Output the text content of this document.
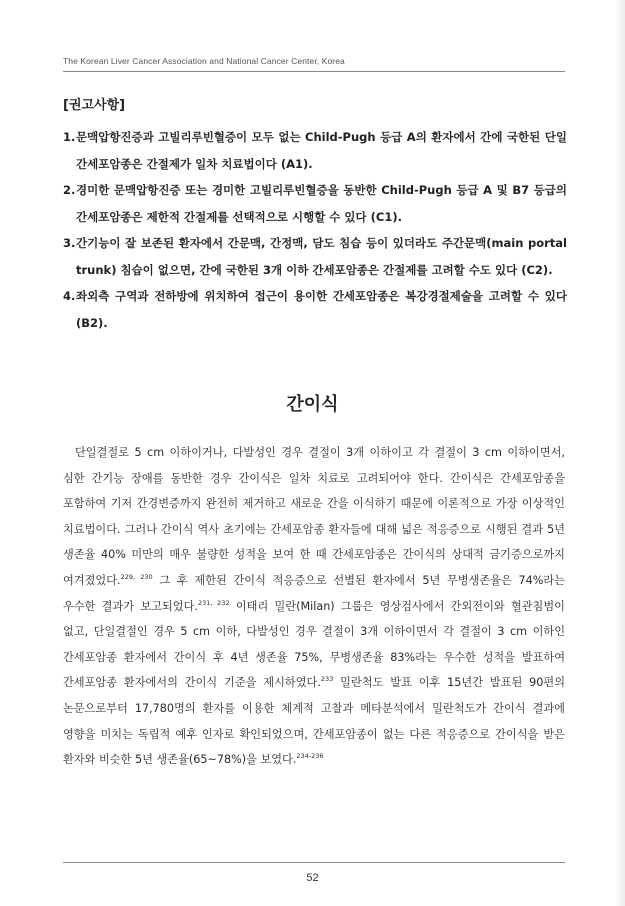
The Korean Liver Cancer Association and National Cancer Center, Korea
[권고사항]
1. 문맥압항진증과 고빌리루빈혈증이 모두 없는 Child-Pugh 등급 A의 환자에서 간에 국한된 단일 간세포암종은 간절제가 일차 치료법이다 (A1).
2. 경미한 문맥압항진증 또는 경미한 고빌리루빈혈증을 동반한 Child-Pugh 등급 A 및 B7 등급의 간세포암종은 제한적 간절제를 선택적으로 시행할 수 있다 (C1).
3. 간기능이 잘 보존된 환자에서 간문맥, 간정맥, 담도 침습 등이 있더라도 주간문맥(main portal trunk) 침습이 없으면, 간에 국한된 3개 이하 간세포암종은 간절제를 고려할 수도 있다 (C2).
4. 좌외측 구역과 전하방에 위치하여 접근이 용이한 간세포암종은 복강경절제술을 고려할 수 있다 (B2).
간이식

단일결절로 5 cm 이하이거나, 다발성인 경우 결절이 3개 이하이고 각 결절이 3 cm 이하이면서, 심한 간기능 장애를 동반한 경우 간이식은 일차 치료로 고려되어야 한다. 간이식은 간세포암종을 포함하여 기저 간경변증까지 완전히 제거하고 새로운 간을 이식하기 때문에 이론적으로 가장 이상적인 치료법이다. 그러나 간이식 역사 초기에는 간세포암종 환자들에 대해 넓은 적응증으로 시행된 결과 5년 생존율 40% 미만의 매우 불량한 성적을 보여 한 때 간세포암종은 간이식의 상대적 금기증으로까지 여겨졌었다.$^{229, 230}$ 그 후 제한된 간이식 적응증으로 선별된 환자에서 5년 무병생존율은 74%라는 우수한 결과가 보고되었다.$^{231, 232}$ 이태리 밀란(Milan) 그룹은 영상검사에서 간외전이와 혈관침범이 없고, 단일결절인 경우 5 cm 이하, 다발성인 경우 결절이 3개 이하이면서 각 결절이 3 cm 이하인 간세포암종 환자에서 간이식 후 4년 생존율 75%, 무병생존율 83%라는 우수한 성적을 발표하여 간세포암종 환자에서의 간이식 기준을 제시하였다.$^{233}$ 밀란척도 발표 이후 15년간 발표된 90편의 논문으로부터 17,780명의 환자를 이용한 체계적 고찰과 메타분석에서 밀란척도가 간이식 결과에 영향을 미치는 독립적 예후 인자로 확인되었으며, 간세포암종이 없는 다른 적응증으로 간이식을 받은 환자와 비슷한 5년 생존율(65~78%)을 보였다.$^{234-236}$

52
